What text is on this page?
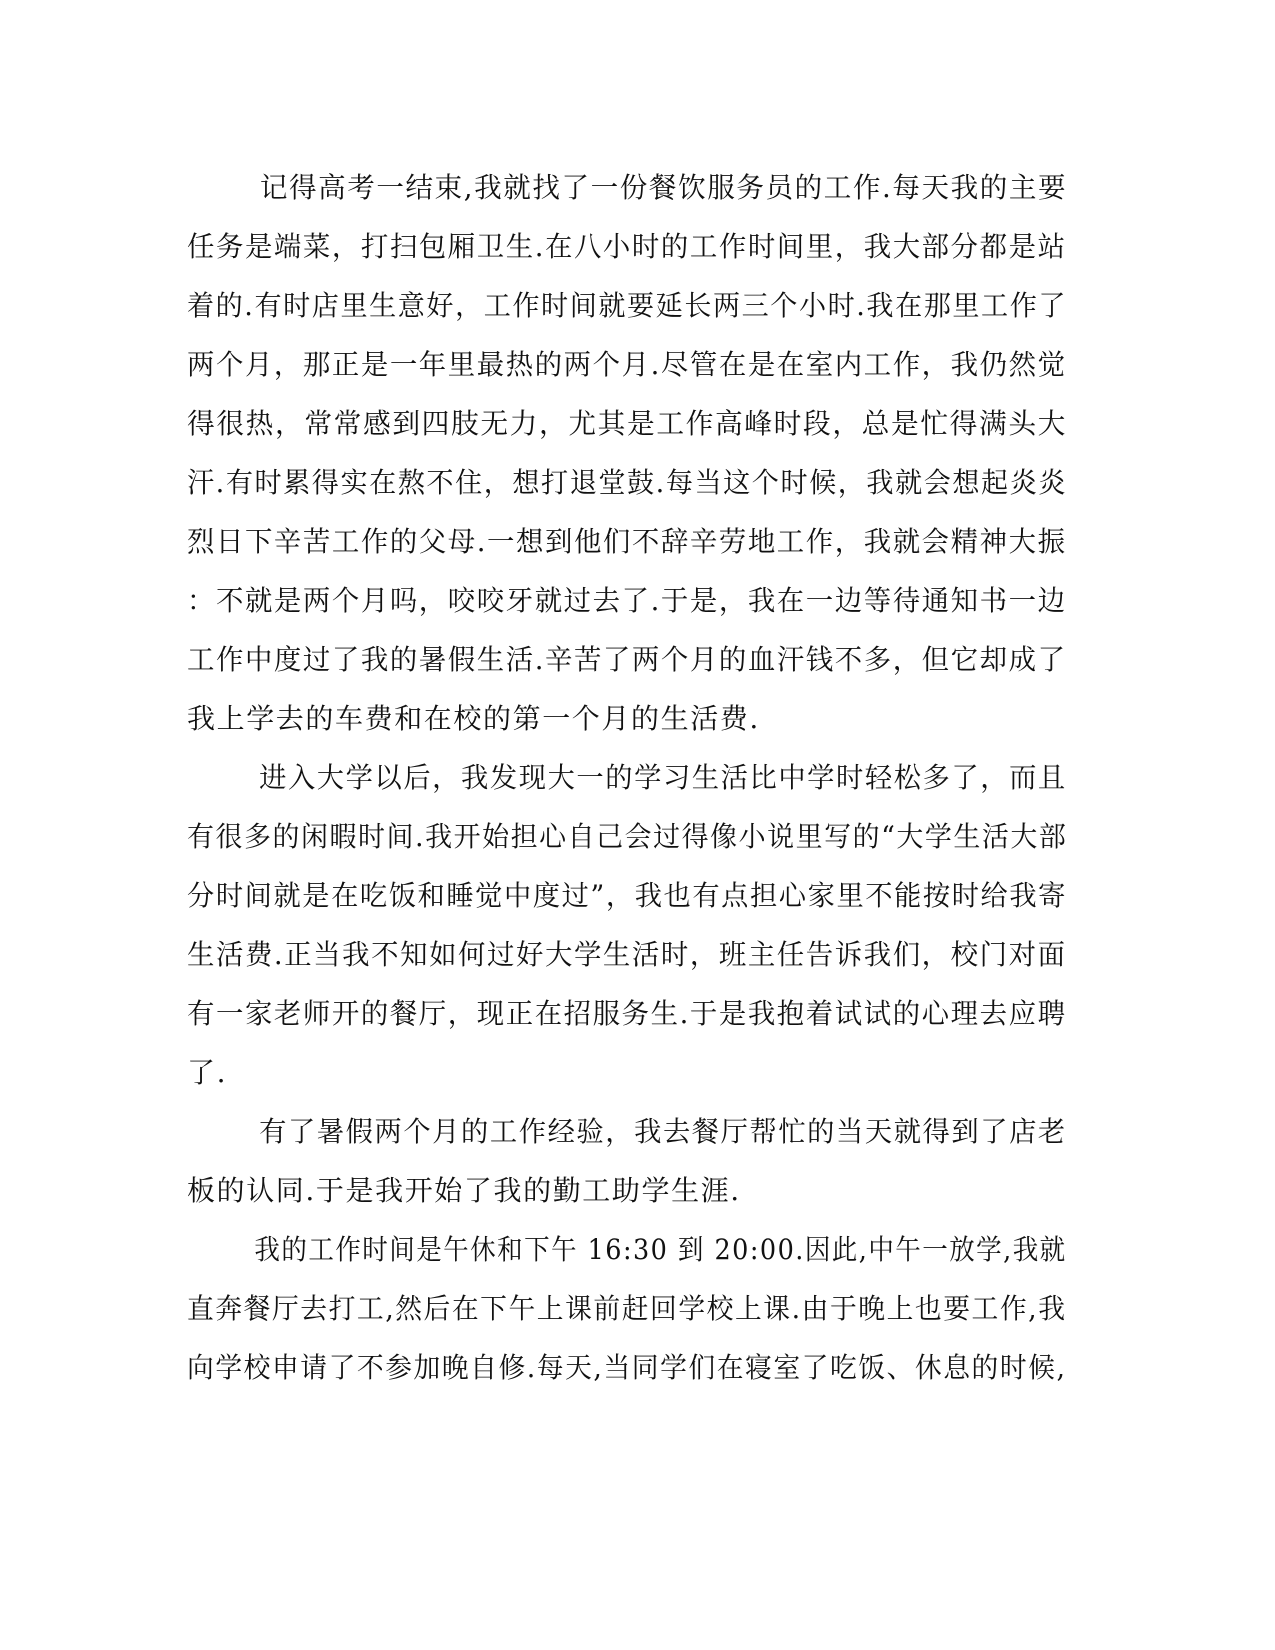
记得高考一结束,我就找了一份餐饮服务员的工作.每天我的主要
任务是端菜，打扫包厢卫生.在八小时的工作时间里，我大部分都是站
着的.有时店里生意好，工作时间就要延长两三个小时.我在那里工作了
两个月，那正是一年里最热的两个月.尽管在是在室内工作，我仍然觉
得很热，常常感到四肢无力，尤其是工作高峰时段，总是忙得满头大
汗.有时累得实在熬不住，想打退堂鼓.每当这个时候，我就会想起炎炎
烈日下辛苦工作的父母.一想到他们不辞辛劳地工作，我就会精神大振
：不就是两个月吗，咬咬牙就过去了.于是，我在一边等待通知书一边
工作中度过了我的暑假生活.辛苦了两个月的血汗钱不多，但它却成了
我上学去的车费和在校的第一个月的生活费.
进入大学以后，我发现大一的学习生活比中学时轻松多了，而且
有很多的闲暇时间.我开始担心自己会过得像小说里写的“大学生活大部
分时间就是在吃饭和睡觉中度过”，我也有点担心家里不能按时给我寄
生活费.正当我不知如何过好大学生活时，班主任告诉我们，校门对面
有一家老师开的餐厅，现正在招服务生.于是我抱着试试的心理去应聘
了.
有了暑假两个月的工作经验，我去餐厅帮忙的当天就得到了店老
板的认同.于是我开始了我的勤工助学生涯.
我的工作时间是午休和下午 16:30 到 20:00.因此,中午一放学,我就
直奔餐厅去打工,然后在下午上课前赶回学校上课.由于晚上也要工作,我
向学校申请了不参加晚自修.每天,当同学们在寝室了吃饭、休息的时候,
